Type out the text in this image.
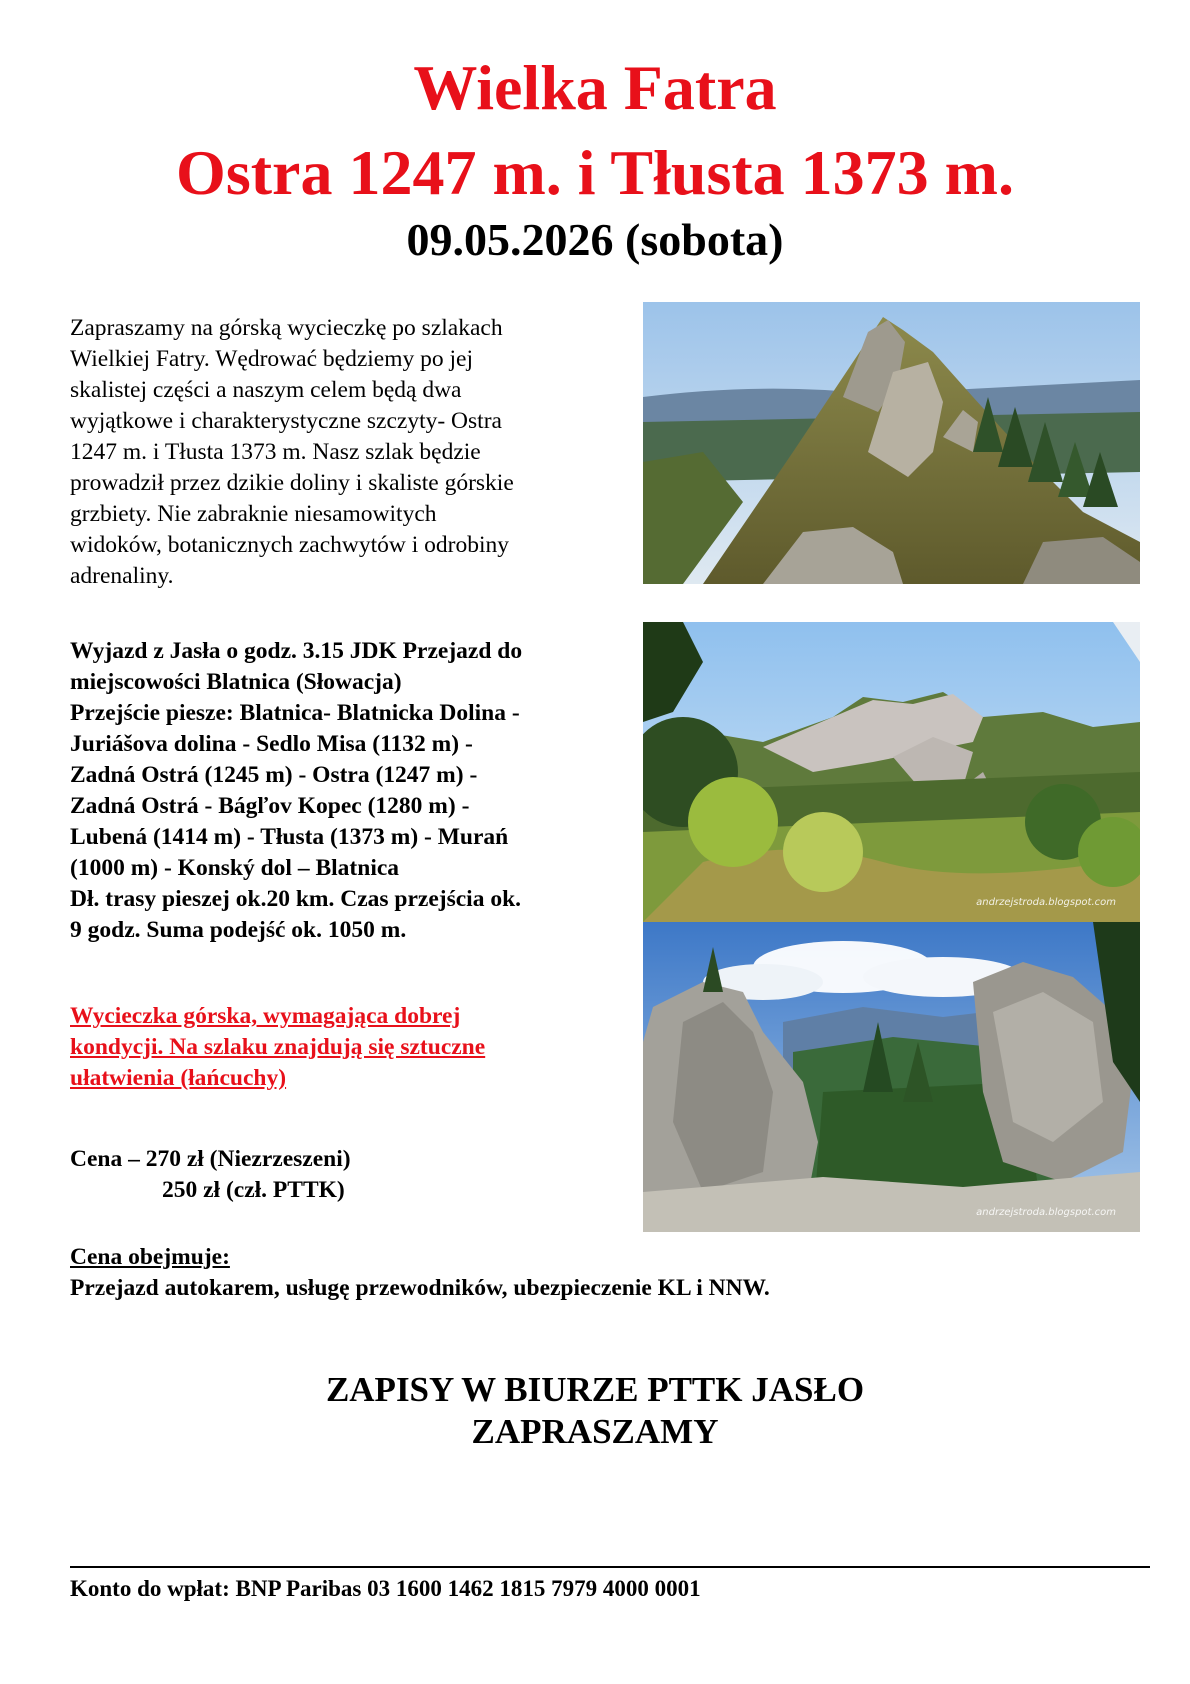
Wielka Fatra
Ostra 1247 m. i Tłusta 1373 m.
09.05.2026 (sobota)

Zapraszamy na górską wycieczkę po szlakach

Wielkiej Fatry. Wędrować będziemy po jej

skalistej części a naszym celem będą dwa

wyjątkowe i charakterystyczne szczyty- Ostra

1247 m. i Tłusta 1373 m. Nasz szlak będzie

prowadził przez dzikie doliny i skaliste górskie

grzbiety. Nie zabraknie niesamowitych

widoków, botanicznych zachwytów i odrobiny

adrenaliny.

Wyjazd z Jasła o godz. 3.15 JDK Przejazd do

miejscowości Blatnica (Słowacja)

Przejście piesze: Blatnica- Blatnicka Dolina -

Juriášova dolina - Sedlo Misa (1132 m) -

Zadná Ostrá (1245 m) - Ostra (1247 m) -

Zadná Ostrá - Bágľov Kopec (1280 m) -

Lubená (1414 m) - Tłusta (1373 m) - Murań

(1000 m) - Konský dol – Blatnica

Dł. trasy pieszej ok.20 km. Czas przejścia ok.

9 godz. Suma podejść ok. 1050 m.

Wycieczka górska, wymagająca dobrej
kondycji. Na szlaku znajdują się sztuczne
ułatwienia (łańcuchy)
Cena – 270 zł (Niezrzeszeni)
250 zł (czł. PTTK)
Cena obejmuje:
Przejazd autokarem, usługę przewodników, ubezpieczenie KL i NNW.
ZAPISY W BIURZE PTTK JASŁO
ZAPRASZAMY
Konto do wpłat: BNP Paribas 03 1600 1462 1815 7979 4000 0001
andrzejstroda.blogspot.com
andrzejstroda.blogspot.com
